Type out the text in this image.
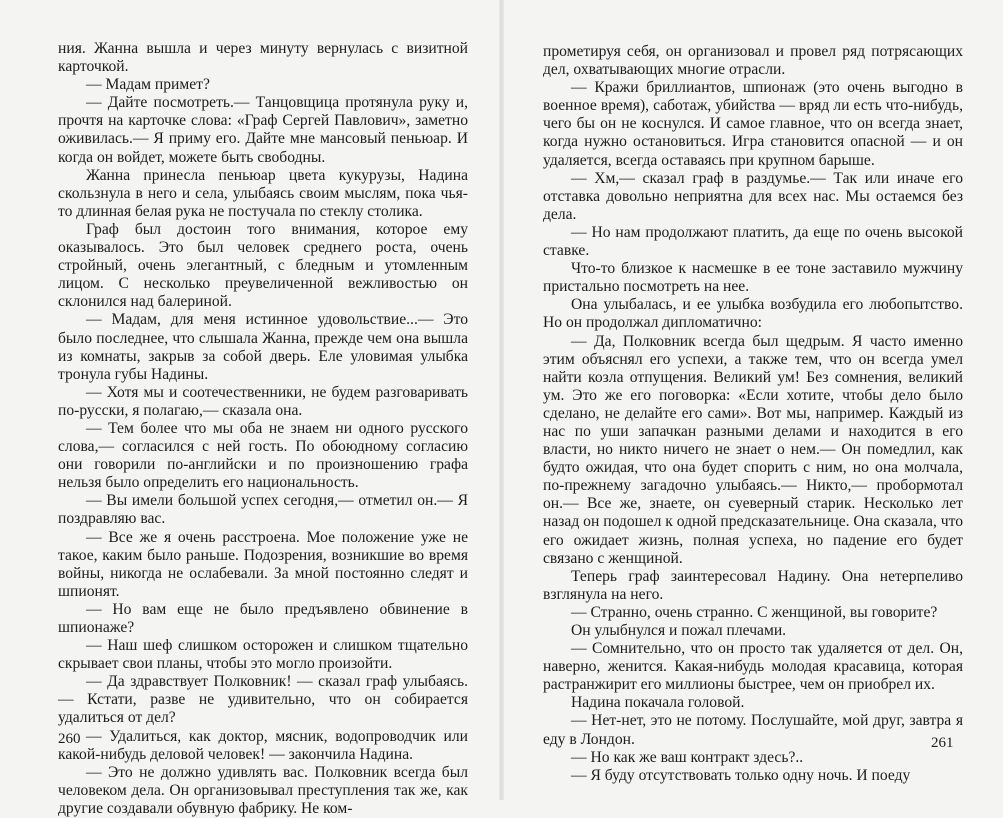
ния. Жанна вышла и через минуту вернулась с визитной карточкой.

— Мадам примет?

— Дайте посмотреть.— Танцовщица протянула руку и, прочтя на карточке слова: «Граф Сергей Павлович», заметно оживилась.— Я приму его. Дайте мне мансовый пеньюар. И когда он войдет, можете быть свободны.

Жанна принесла пеньюар цвета кукурузы, Надина скользнула в него и села, улыбаясь своим мыслям, пока чья-то длинная белая рука не постучала по стеклу столика.

Граф был достоин того внимания, которое ему оказывалось. Это был человек среднего роста, очень стройный, очень элегантный, с бледным и утомленным лицом. С несколько преувеличенной вежливостью он склонился над балериной.

— Мадам, для меня истинное удовольствие...— Это было последнее, что слышала Жанна, прежде чем она вышла из комнаты, закрыв за собой дверь. Еле уловимая улыбка тронула губы Надины.

— Хотя мы и соотечественники, не будем разговаривать по-русски, я полагаю,— сказала она.

— Тем более что мы оба не знаем ни одного русского слова,— согласился с ней гость. По обоюдному согласию они говорили по-английски и по произношению графа нельзя было определить его национальность.

— Вы имели большой успех сегодня,— отметил он.— Я поздравляю вас.

— Все же я очень расстроена. Мое положение уже не такое, каким было раньше. Подозрения, возникшие во время войны, никогда не ослабевали. За мной постоянно следят и шпионят.

— Но вам еще не было предъявлено обвинение в шпионаже?

— Наш шеф слишком осторожен и слишком тщательно скрывает свои планы, чтобы это могло произойти.

— Да здравствует Полковник! — сказал граф улыбаясь.— Кстати, разве не удивительно, что он собирается удалиться от дел?

— Удалиться, как доктор, мясник, водопроводчик или какой-нибудь деловой человек! — закончила Надина.

— Это не должно удивлять вас. Полковник всегда был человеком дела. Он организовывал преступления так же, как другие создавали обувную фабрику. Не ком-

260

прометируя себя, он организовал и провел ряд потрясающих дел, охватывающих многие отрасли.

— Кражи бриллиантов, шпионаж (это очень выгодно в военное время), саботаж, убийства — вряд ли есть что-нибудь, чего бы он не коснулся. И самое главное, что он всегда знает, когда нужно остановиться. Игра становится опасной — и он удаляется, всегда оставаясь при крупном барыше.

— Хм,— сказал граф в раздумье.— Так или иначе его отставка довольно неприятна для всех нас. Мы остаемся без дела.

— Но нам продолжают платить, да еще по очень высокой ставке.

Что-то близкое к насмешке в ее тоне заставило мужчину пристально посмотреть на нее.

Она улыбалась, и ее улыбка возбудила его любопытство. Но он продолжал дипломатично:

— Да, Полковник всегда был щедрым. Я часто именно этим объяснял его успехи, а также тем, что он всегда умел найти козла отпущения. Великий ум! Без сомнения, великий ум. Это же его поговорка: «Если хотите, чтобы дело было сделано, не делайте его сами». Вот мы, например. Каждый из нас по уши запачкан разными делами и находится в его власти, но никто ничего не знает о нем.— Он помедлил, как будто ожидая, что она будет спорить с ним, но она молчала, по-прежнему загадочно улыбаясь.— Никто,— пробормотал он.— Все же, знаете, он суеверный старик. Несколько лет назад он подошел к одной предсказательнице. Она сказала, что его ожидает жизнь, полная успеха, но падение его будет связано с женщиной.

Теперь граф заинтересовал Надину. Она нетерпеливо взглянула на него.

— Странно, очень странно. С женщиной, вы говорите?

Он улыбнулся и пожал плечами.

— Сомнительно, что он просто так удаляется от дел. Он, наверно, женится. Какая-нибудь молодая красавица, которая растранжирит его миллионы быстрее, чем он приобрел их.

Надина покачала головой.

— Нет-нет, это не потому. Послушайте, мой друг, завтра я еду в Лондон.

— Но как же ваш контракт здесь?..

— Я буду отсутствовать только одну ночь. И поеду

261
